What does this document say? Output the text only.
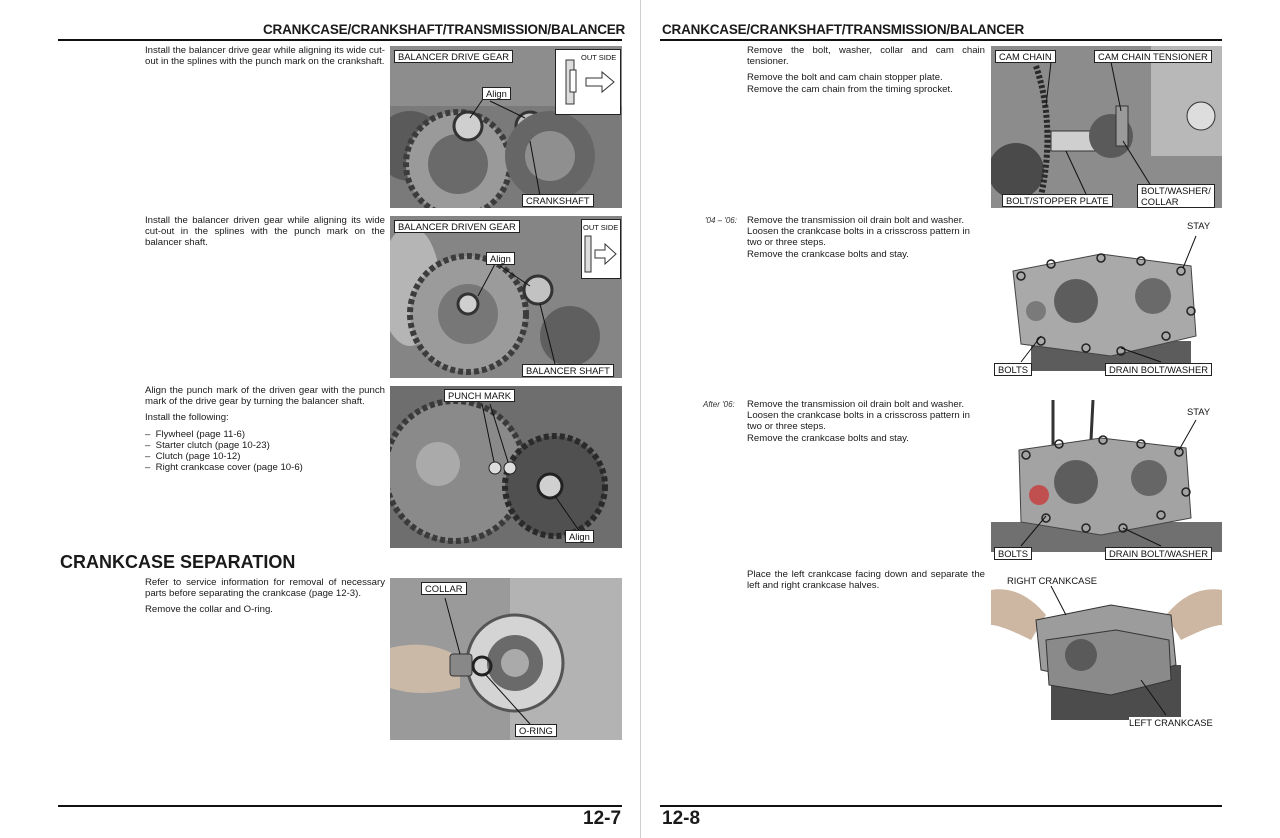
CRANKCASE/CRANKSHAFT/TRANSMISSION/BALANCER

Install the balancer drive gear while aligning its wide cut-out in the splines with the punch mark on the crankshaft.	BALANCER DRIVE GEAR
Align
CRANKSHAFT
OUT SIDE

Install the balancer driven gear while aligning its wide cut-out in the splines with the punch mark on the balancer shaft.

BALANCER DRIVEN GEAR
Align
BALANCER SHAFT
OUT SIDE

Align the punch mark of the driven gear with the punch mark of the drive gear by turning the balancer shaft.

Install the following:

–  Flywheel (page 11-6)
–  Starter clutch (page 10-23)
–  Clutch (page 10-12)
–  Right crankcase cover (page 10-6)
PUNCH MARK
Align
CRANKCASE SEPARATION

Refer to service information for removal of necessary parts before separating the crankcase (page 12-3).

Remove the collar and O-ring.

COLLAR
O-RING
12-7
CRANKCASE/CRANKSHAFT/TRANSMISSION/BALANCER

Remove the bolt, washer, collar and cam chain tensioner.

Remove the bolt and cam chain stopper plate.

Remove the cam chain from the timing sprocket.

CAM CHAIN	CAM CHAIN TENSIONER
BOLT/STOPPER PLATE
BOLT/WASHER/
COLLAR
'04 – '06: Remove the transmission oil drain bolt and washer.

Loosen the crankcase bolts in a crisscross pattern in two or three steps.

Remove the crankcase bolts and stay.

STAY
BOLTS	DRAIN BOLT/WASHER
After '06: Remove the transmission oil drain bolt and washer.

Loosen the crankcase bolts in a crisscross pattern in two or three steps.

Remove the crankcase bolts and stay.

STAY
BOLTS	DRAIN BOLT/WASHER

Place the left crankcase facing down and separate the left and right crankcase halves.	RIGHT CRANKCASE
LEFT CRANKCASE
12-8
